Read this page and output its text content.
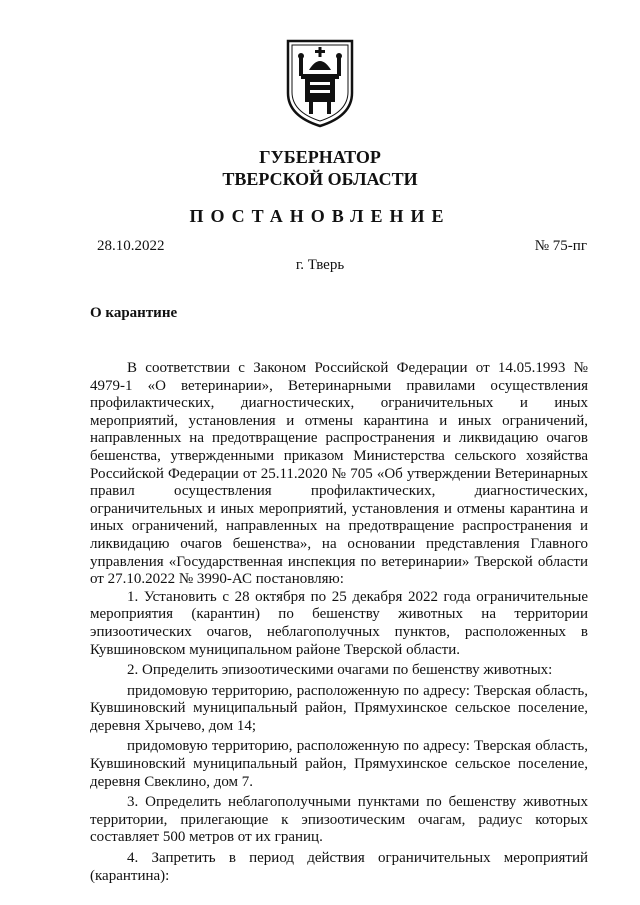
ГУБЕРНАТОР
ТВЕРСКОЙ ОБЛАСТИ
ПОСТАНОВЛЕНИЕ
28.10.2022	№ 75-пг
г. Тверь
О карантине

В соответствии с Законом Российской Федерации от 14.05.1993 № 4979-1 «О ветеринарии», Ветеринарными правилами осуществления профилактических, диагностических, ограничительных и иных мероприятий, установления и отмены карантина и иных ограничений, направленных на предотвращение распространения и ликвидацию очагов бешенства, утвержденными приказом Министерства сельского хозяйства Российской Федерации от 25.11.2020 № 705 «Об утверждении Ветеринарных правил осуществления профилактических, диагностических, ограничительных и иных мероприятий, установления и отмены карантина и иных ограничений, направленных на предотвращение распространения и ликвидацию очагов бешенства», на основании представления Главного управления «Государственная инспекция по ветеринарии» Тверской области от 27.10.2022 № 3990-АС постановляю:

1. Установить с 28 октября по 25 декабря 2022 года ограничительные мероприятия (карантин) по бешенству животных на территории эпизоотических очагов, неблагополучных пунктов, расположенных в Кувшиновском муниципальном районе Тверской области.

2. Определить эпизоотическими очагами по бешенству животных:

придомовую территорию, расположенную по адресу: Тверская область, Кувшиновский муниципальный район, Прямухинское сельское поселение, деревня Хрычево, дом 14;

придомовую территорию, расположенную по адресу: Тверская область, Кувшиновский муниципальный район, Прямухинское сельское поселение, деревня Свеклино, дом 7.

3. Определить неблагополучными пунктами по бешенству животных территории, прилегающие к эпизоотическим очагам, радиус которых составляет 500 метров от их границ.

4. Запретить в период действия ограничительных мероприятий (карантина):
